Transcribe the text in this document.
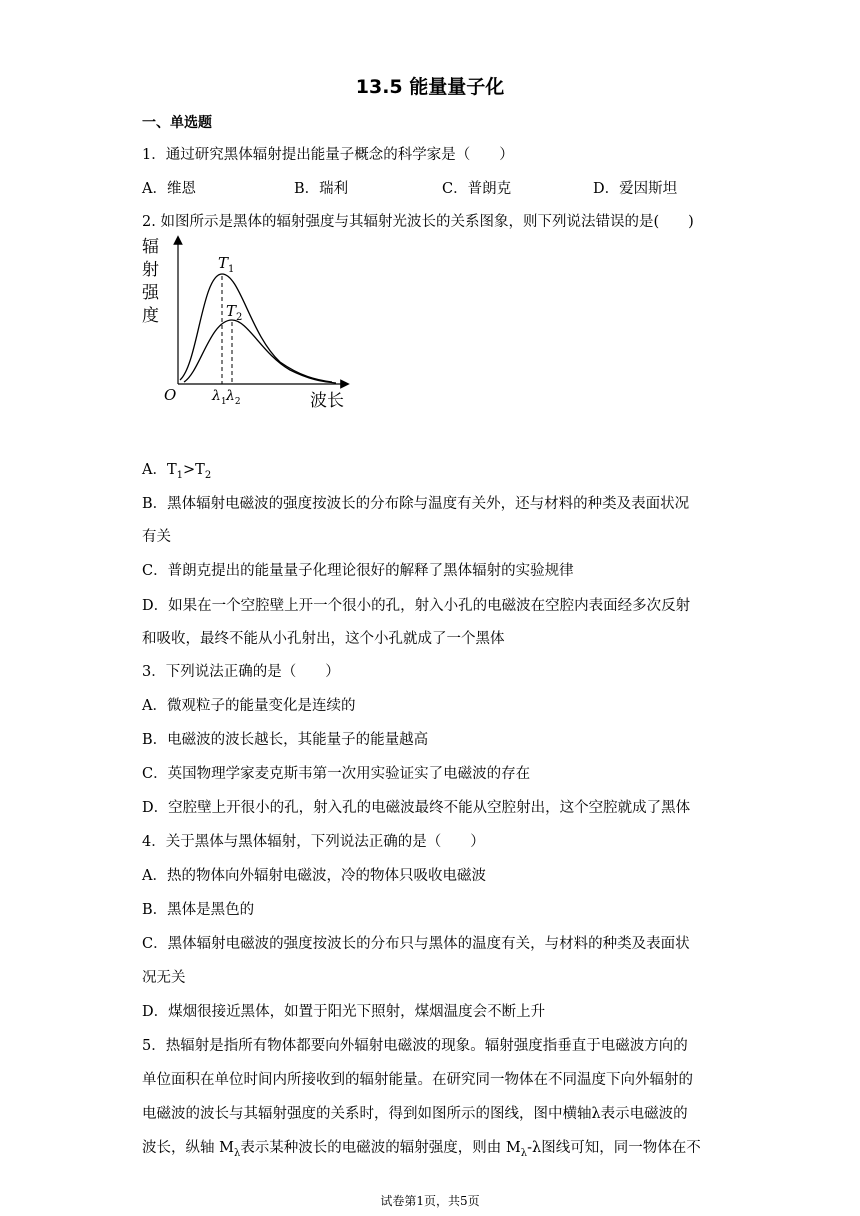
13.5 能量量子化
一、单选题
1．通过研究黑体辐射提出能量子概念的科学家是（　　）
A．维恩	B．瑞利	C．普朗克	D．爱因斯坦
2. 如图所示是黑体的辐射强度与其辐射光波长的关系图象，则下列说法错误的是(　　)
辐
射
强
度
$T_1$
$T_2$
O	$\lambda_1$ $\lambda_2$	波长
A．$T_1>T_2$
B．黑体辐射电磁波的强度按波长的分布除与温度有关外，还与材料的种类及表面状况
有关
C．普朗克提出的能量量子化理论很好的解释了黑体辐射的实验规律
D．如果在一个空腔壁上开一个很小的孔，射入小孔的电磁波在空腔内表面经多次反射
和吸收，最终不能从小孔射出，这个小孔就成了一个黑体
3．下列说法正确的是（　　）
A．微观粒子的能量变化是连续的
B．电磁波的波长越长，其能量子的能量越高
C．英国物理学家麦克斯韦第一次用实验证实了电磁波的存在
D．空腔壁上开很小的孔，射入孔的电磁波最终不能从空腔射出，这个空腔就成了黑体
4．关于黑体与黑体辐射，下列说法正确的是（　　）
A．热的物体向外辐射电磁波，冷的物体只吸收电磁波
B．黑体是黑色的
C．黑体辐射电磁波的强度按波长的分布只与黑体的温度有关，与材料的种类及表面状
况无关
D．煤烟很接近黑体，如置于阳光下照射，煤烟温度会不断上升
5．热辐射是指所有物体都要向外辐射电磁波的现象。辐射强度指垂直于电磁波方向的
单位面积在单位时间内所接收到的辐射能量。在研究同一物体在不同温度下向外辐射的
电磁波的波长与其辐射强度的关系时，得到如图所示的图线，图中横轴λ表示电磁波的
波长，纵轴 $M_\lambda$表示某种波长的电磁波的辐射强度，则由 $M_\lambda-\lambda$图线可知，同一物体在不
试卷第1页，共5页
